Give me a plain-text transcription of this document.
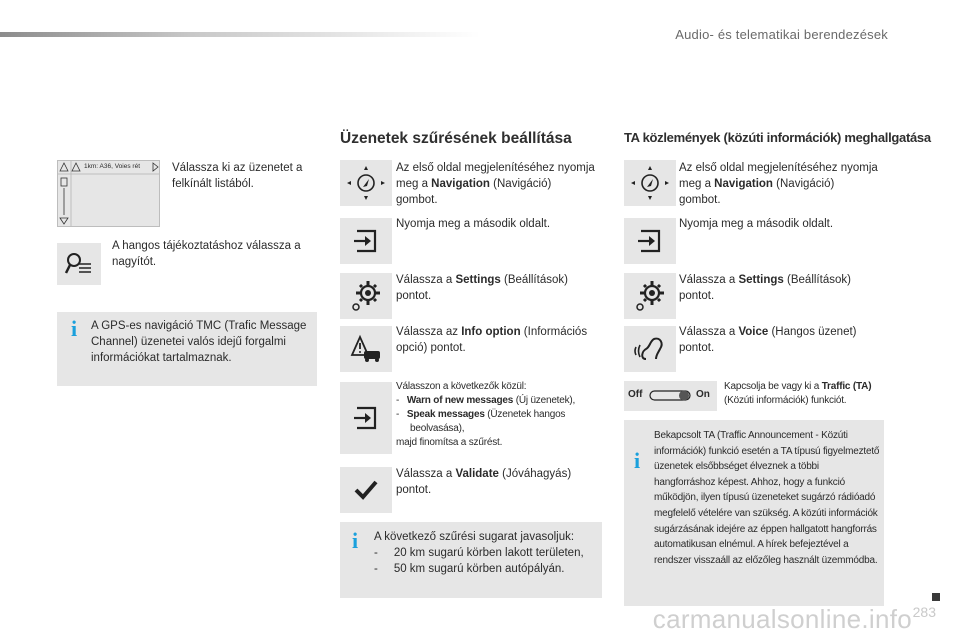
Audio- és telematikai berendezések
1km: A36, Voies rét	Válassza ki az üzenetet a felkínált listából.
A hangos tájékoztatáshoz válassza a nagyítót.
i A GPS-es navigáció TMC (Trafic Message Channel) üzenetei valós idejű forgalmi információkat tartalmaznak.
Üzenetek szűrésének beállítása
Az első oldal megjelenítéséhez nyomja meg a Navigation (Navigáció) gombot.
Nyomja meg a második oldalt.
Válassza a Settings (Beállítások) pontot.
Válassza az Info option (Információs opció) pontot.
Válasszon a következők közül:
-   Warn of new messages (Új üzenetek),
-   Speak messages (Üzenetek hangos beolvasása),
majd finomítsa a szűrést.
Válassza a Validate (Jóváhagyás) pontot.
i A következő szűrési sugarat javasoljuk:
-     20 km sugarú körben lakott területen,
-     50 km sugarú körben autópályán.
TA közlemények (közúti információk) meghallgatása
Az első oldal megjelenítéséhez nyomja meg a Navigation (Navigáció) gombot.
Nyomja meg a második oldalt.
Válassza a Settings (Beállítások) pontot.
Válassza a Voice (Hangos üzenet) pontot.
Off	On
Kapcsolja be vagy ki a Traffic (TA) (Közúti információk) funkciót.
i
Bekapcsolt TA (Traffic Announcement - Közúti információk) funkció esetén a TA típusú figyelmeztető üzenetek elsőbbséget élveznek a többi hangforráshoz képest. Ahhoz, hogy a funkció működjön, ilyen típusú üzeneteket sugárzó rádióadó megfelelő vételére van szükség. A közúti információk sugárzásának idejére az éppen hallgatott hangforrás automatikusan elnémul. A hírek befejeztével a rendszer visszaáll az előzőleg használt üzemmódba.
carmanualsonline.info 283
